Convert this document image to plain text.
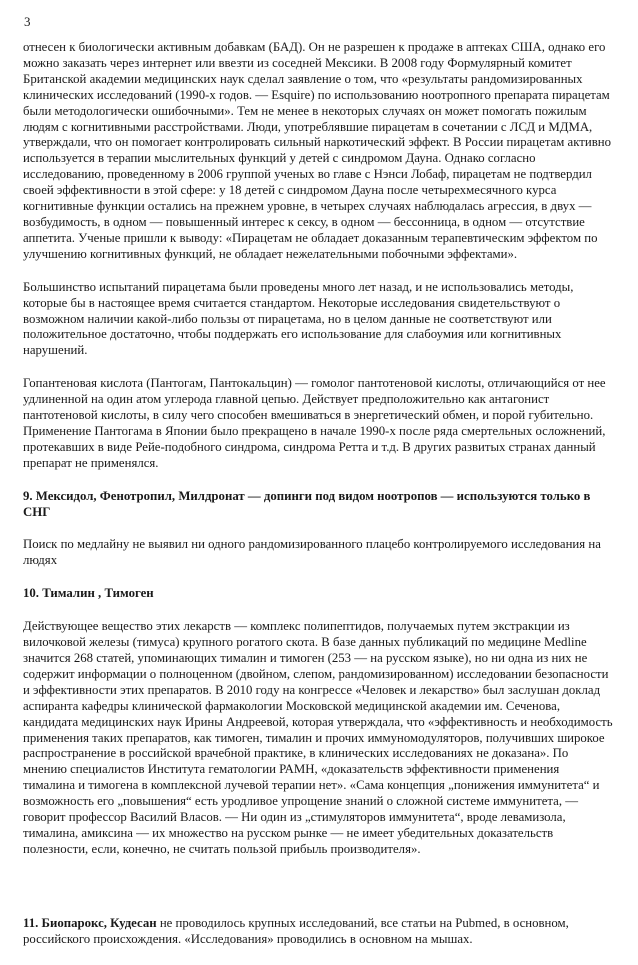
3

отнесен к биологически активным добавкам (БАД). Он не разрешен к продаже в аптеках США, однако его можно заказать через интернет или ввезти из соседней Мексики. В 2008 году Формулярный комитет Британской академии медицинских наук сделал заявление о том, что «результаты рандомизированных клинических исследований (1990-х годов. — Esquire) по использованию ноотропного препарата пирацетам были методологически ошибочными». Тем не менее в некоторых случаях он может помогать пожилым людям с когнитивными расстройствами. Люди, употреблявшие пирацетам в сочетании с ЛСД и МДМА, утверждали, что он помогает контролировать сильный наркотический эффект. В России пирацетам активно используется в терапии мыслительных функций у детей с синдромом Дауна. Однако согласно исследованию, проведенному в 2006 группой ученых во главе с Нэнси Лобаф, пирацетам не подтвердил своей эффективности в этой сфере: у 18 детей с синдромом Дауна после четырехмесячного курса когнитивные функции остались на прежнем уровне, в четырех случаях наблюдалась агрессия, в двух — возбудимость, в одном — повышенный интерес к сексу, в одном — бессонница, в одном — отсутствие аппетита. Ученые пришли к выводу: «Пирацетам не обладает доказанным терапевтическим эффектом по улучшению когнитивных функций, не обладает нежелательными побочными эффектами».

Большинство испытаний пирацетама были проведены много лет назад, и не использовались методы, которые бы в настоящее время считается стандартом. Некоторые исследования свидетельствуют о возможном наличии какой-либо пользы от пирацетама, но в целом данные не соответствуют или положительное достаточно, чтобы поддержать его использование для слабоумия или когнитивных нарушений.

Гопантеновая кислота (Пантогам, Пантокальцин) — гомолог пантотеновой кислоты, отличающийся от нее удлиненной на один атом углерода главной цепью. Действует предположительно как антагонист пантотеновой кислоты, в силу чего способен вмешиваться в энергетический обмен, и порой губительно. Применение Пантогама в Японии было прекращено в начале 1990-х после ряда смертельных осложнений, протекавших в виде Рейе-подобного синдрома, синдрома Ретта и т.д. В других развитых странах данный препарат не применялся.

9. Мексидол, Фенотропил, Милдронат — допинги под видом ноотропов — используются только в СНГ

Поиск по медлайну не выявил ни одного рандомизированного плацебо контролируемого исследования на людях

10. Тималин , Тимоген

Действующее вещество этих лекарств — комплекс полипептидов, получаемых путем экстракции из вилочковой железы (тимуса) крупного рогатого скота. В базе данных публикаций по медицине Medline значится 268 статей, упоминающих тималин и тимоген (253 — на русском языке), но ни одна из них не содержит информации о полноценном (двойном, слепом, рандомизированном) исследовании безопасности и эффективности этих препаратов. В 2010 году на конгрессе «Человек и лекарство» был заслушан доклад аспиранта кафедры клинической фармакологии Московской медицинской академии им. Сеченова, кандидата медицинских наук Ирины Андреевой, которая утверждала, что «эффективность и необходимость применения таких препаратов, как тимоген, тималин и прочих иммуномодуляторов, получивших широкое распространение в российской врачебной практике, в клинических исследованиях не доказана». По мнению специалистов Института гематологии РАМН, «доказательств эффективности применения тималина и тимогена в комплексной лучевой терапии нет». «Сама концепция „понижения иммунитета“ и возможность его „повышения“ есть уродливое упрощение знаний о сложной системе иммунитета, — говорит профессор Василий Власов. — Ни один из „стимуляторов иммунитета“, вроде левамизола, тималина, амиксина — их множество на русском рынке — не имеет убедительных доказательств полезности, если, конечно, не считать пользой прибыль производителя».

11. Биопарокс, Кудесан не проводилось крупных исследований, все статьи на Pubmed, в основном, российского происхождения. «Исследования» проводились в основном на мышах.
